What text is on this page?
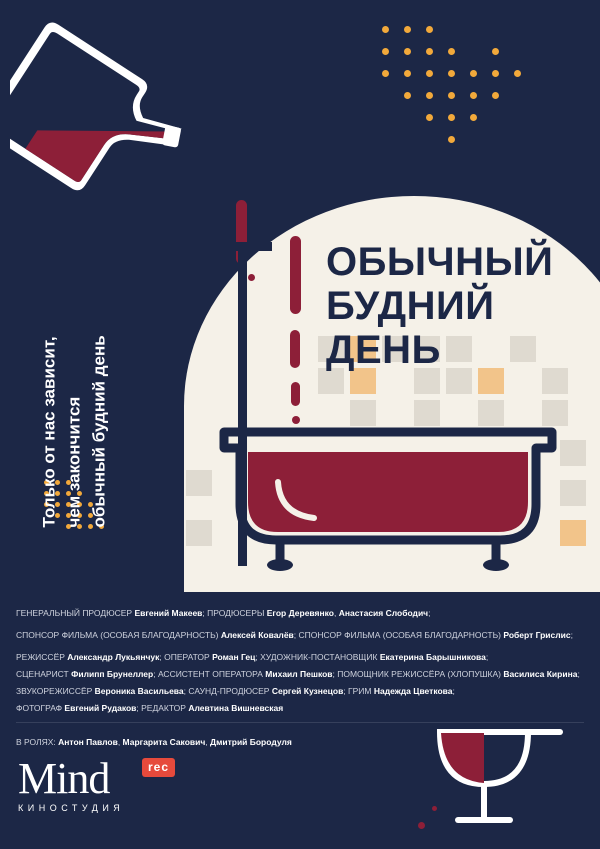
ОБЫЧНЫЙ
БУДНИЙ
ДЕНЬ
Только от нас зависит, чем закончится обычный будний день
ГЕНЕРАЛЬНЫЙ ПРОДЮСЕР Евгений Макеев; ПРОДЮСЕРЫ Егор Деревянко, Анастасия Слободич;
СПОНСОР ФИЛЬМА (ОСОБАЯ БЛАГОДАРНОСТЬ) Алексей Ковалёв; СПОНСОР ФИЛЬМА (ОСОБАЯ БЛАГОДАРНОСТЬ) Роберт Грислис;
РЕЖИССЁР Александр Лукьянчук; ОПЕРАТОР Роман Гец; ХУДОЖНИК-ПОСТАНОВЩИК Екатерина Барышникова;
СЦЕНАРИСТ Филипп Брунеллер; АССИСТЕНТ ОПЕРАТОРА Михаил Пешков; ПОМОЩНИК РЕЖИССЁРА (ХЛОПУШКА) Василиса Кирина;
ЗВУКОРЕЖИССЁР Вероника Васильева; САУНД-ПРОДЮСЕР Сергей Кузнецов; ГРИМ Надежда Цветкова;
ФОТОГРАФ Евгений Рудаков; РЕДАКТОР Алевтина Вишневская
В РОЛЯХ: Антон Павлов, Маргарита Сакович, Дмитрий Бородуля
Mind	rec
КИНОСТУДИЯ
